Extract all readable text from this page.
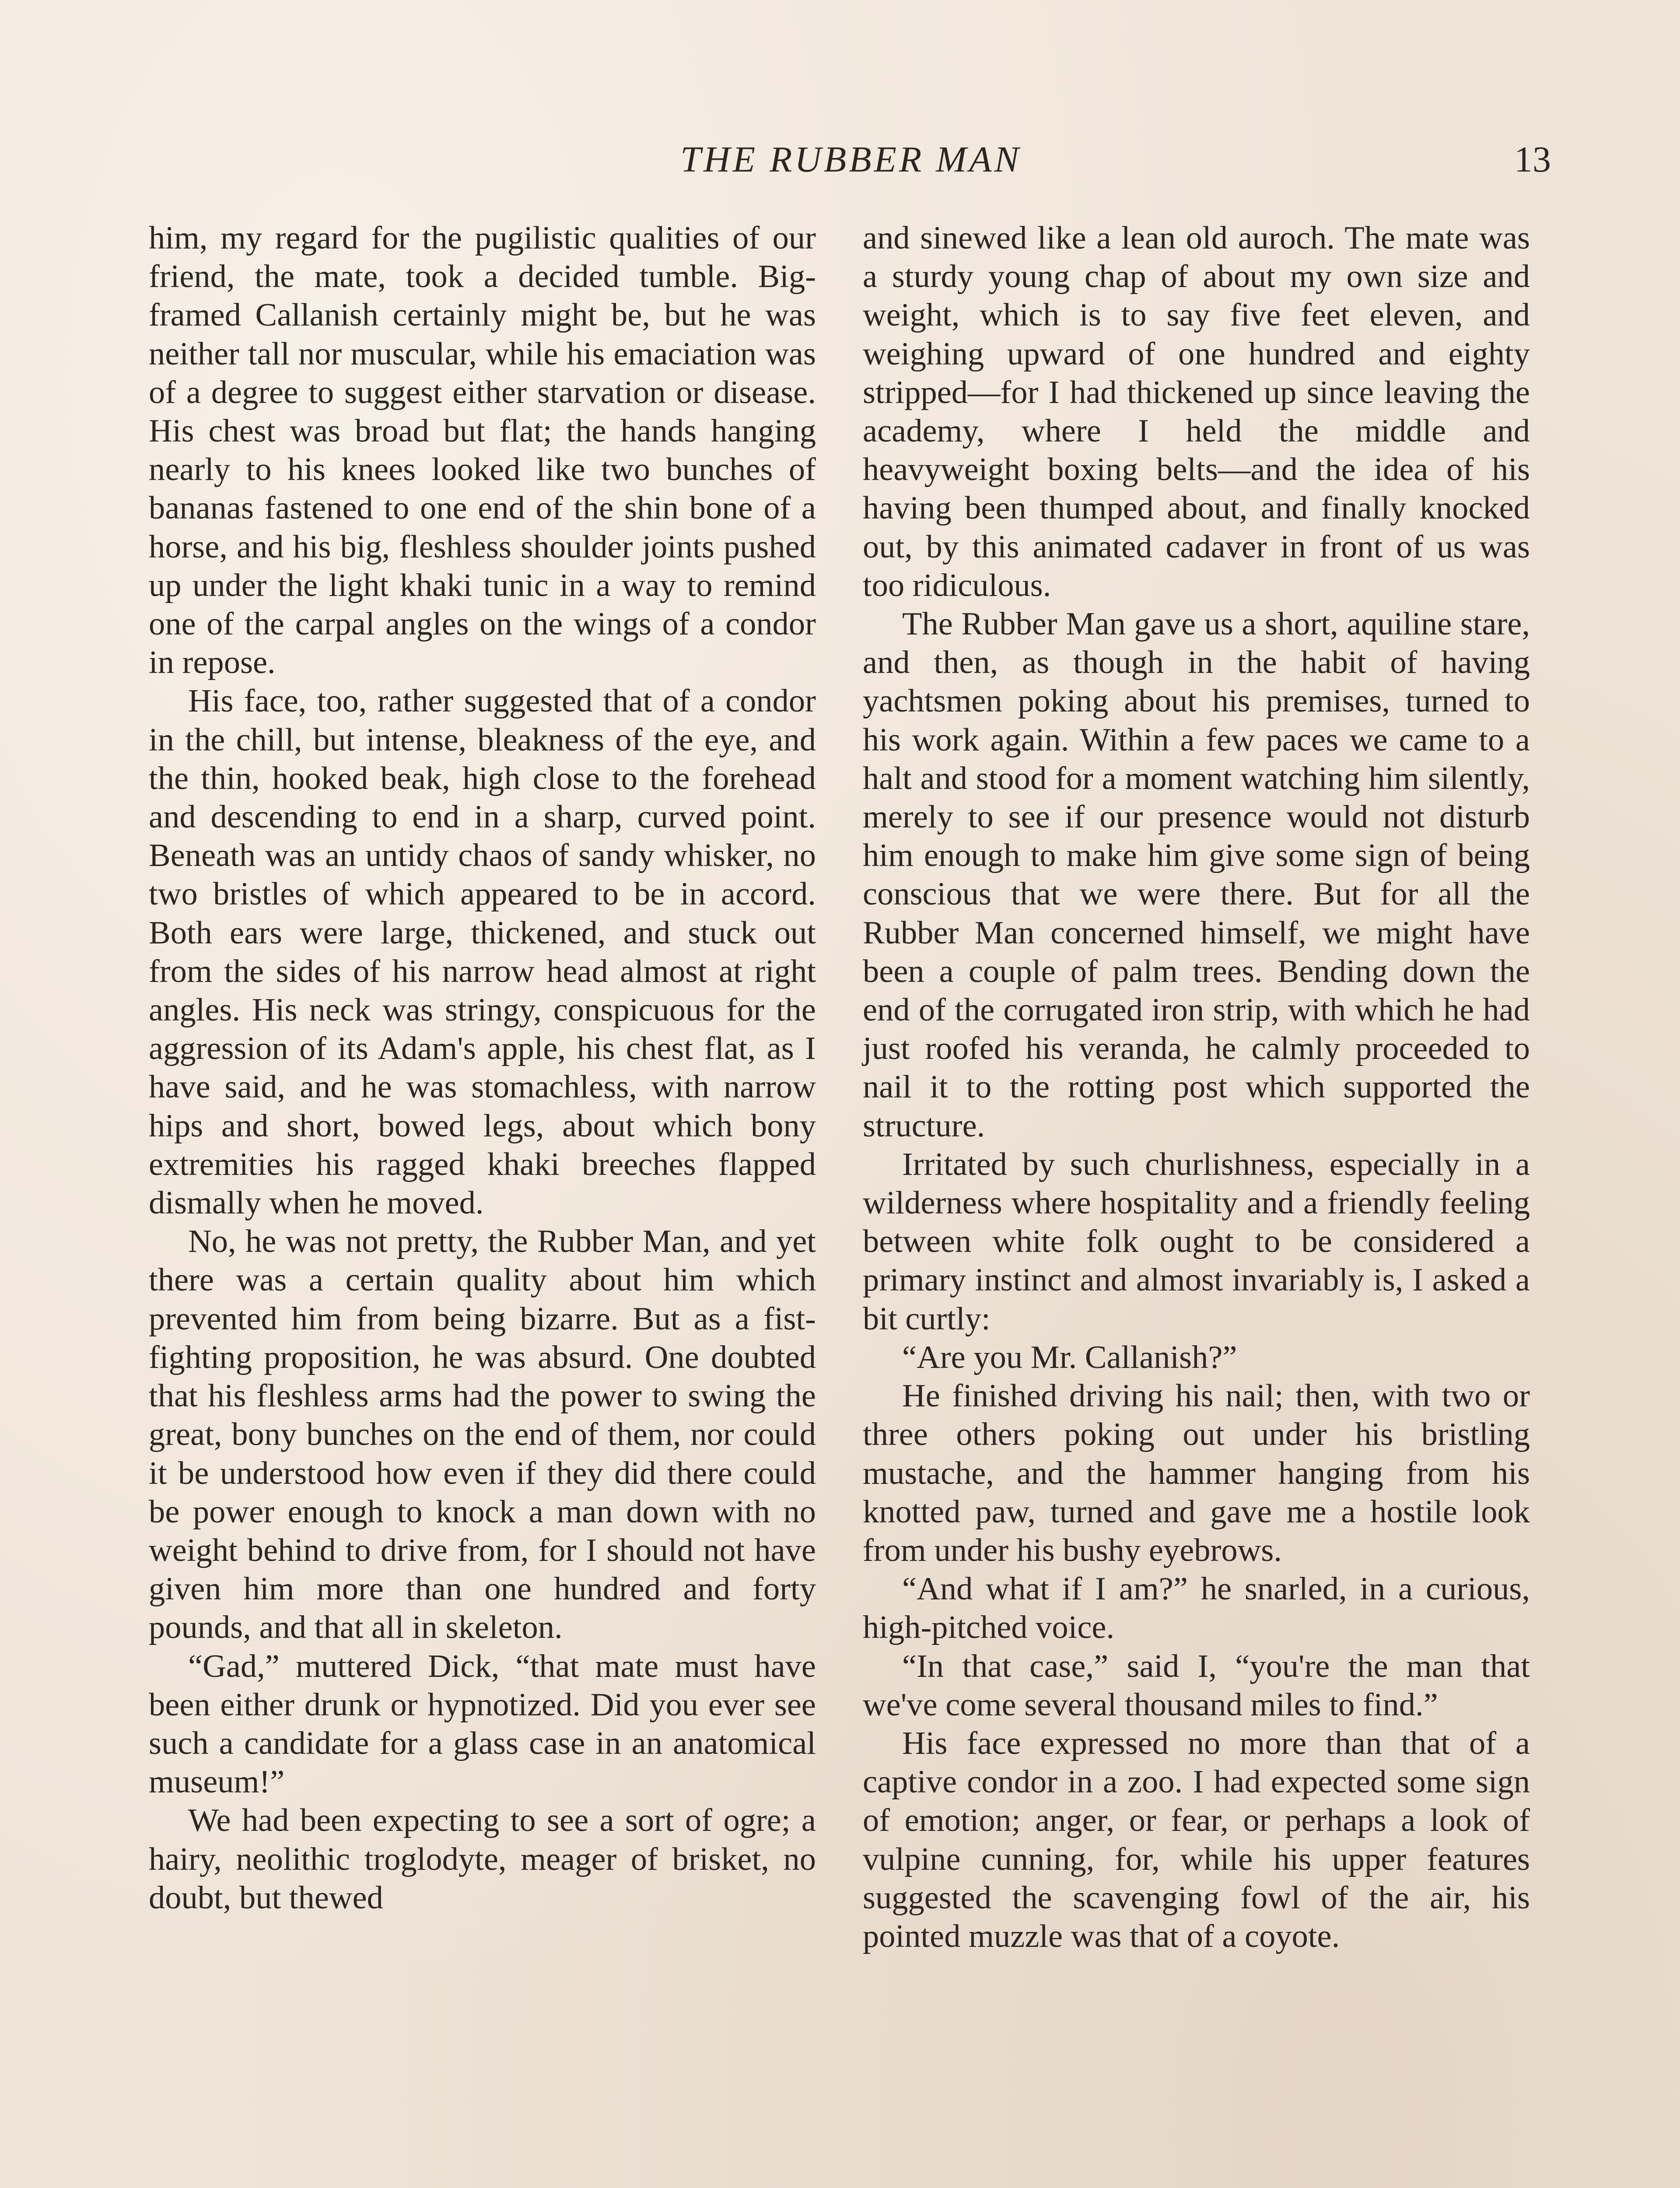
THE RUBBER MAN	13

him, my regard for the pugilistic qualities of our friend, the mate, took a decided tumble. Big-framed Callanish certainly might be, but he was neither tall nor muscular, while his emaciation was of a degree to suggest either starvation or disease. His chest was broad but flat; the hands hanging nearly to his knees looked like two bunches of bananas fastened to one end of the shin bone of a horse, and his big, fleshless shoulder joints pushed up under the light khaki tunic in a way to remind one of the carpal angles on the wings of a condor in repose.

His face, too, rather suggested that of a condor in the chill, but intense, bleakness of the eye, and the thin, hooked beak, high close to the forehead and descending to end in a sharp, curved point. Beneath was an untidy chaos of sandy whisker, no two bristles of which appeared to be in accord. Both ears were large, thickened, and stuck out from the sides of his narrow head almost at right angles. His neck was stringy, conspicuous for the aggression of its Adam's apple, his chest flat, as I have said, and he was stomachless, with narrow hips and short, bowed legs, about which bony extremities his ragged khaki breeches flapped dismally when he moved.

No, he was not pretty, the Rubber Man, and yet there was a certain quality about him which prevented him from being bizarre. But as a fist-fighting proposition, he was absurd. One doubted that his fleshless arms had the power to swing the great, bony bunches on the end of them, nor could it be understood how even if they did there could be power enough to knock a man down with no weight behind to drive from, for I should not have given him more than one hundred and forty pounds, and that all in skeleton.

“Gad,” muttered Dick, “that mate must have been either drunk or hypnotized. Did you ever see such a candidate for a glass case in an anatomical museum!”

We had been expecting to see a sort of ogre; a hairy, neolithic troglodyte, meager of brisket, no doubt, but thewed

and sinewed like a lean old auroch. The mate was a sturdy young chap of about my own size and weight, which is to say five feet eleven, and weighing upward of one hundred and eighty stripped—for I had thickened up since leaving the academy, where I held the middle and heavyweight boxing belts—and the idea of his having been thumped about, and finally knocked out, by this animated cadaver in front of us was too ridiculous.

The Rubber Man gave us a short, aquiline stare, and then, as though in the habit of having yachtsmen poking about his premises, turned to his work again. Within a few paces we came to a halt and stood for a moment watching him silently, merely to see if our presence would not disturb him enough to make him give some sign of being conscious that we were there. But for all the Rubber Man concerned himself, we might have been a couple of palm trees. Bending down the end of the corrugated iron strip, with which he had just roofed his veranda, he calmly proceeded to nail it to the rotting post which supported the structure.

Irritated by such churlishness, especially in a wilderness where hospitality and a friendly feeling between white folk ought to be considered a primary instinct and almost invariably is, I asked a bit curtly:

“Are you Mr. Callanish?”

He finished driving his nail; then, with two or three others poking out under his bristling mustache, and the hammer hanging from his knotted paw, turned and gave me a hostile look from under his bushy eyebrows.

“And what if I am?” he snarled, in a curious, high-pitched voice.

“In that case,” said I, “you're the man that we've come several thousand miles to find.”

His face expressed no more than that of a captive condor in a zoo. I had expected some sign of emotion; anger, or fear, or perhaps a look of vulpine cunning, for, while his upper features suggested the scavenging fowl of the air, his pointed muzzle was that of a coyote.
